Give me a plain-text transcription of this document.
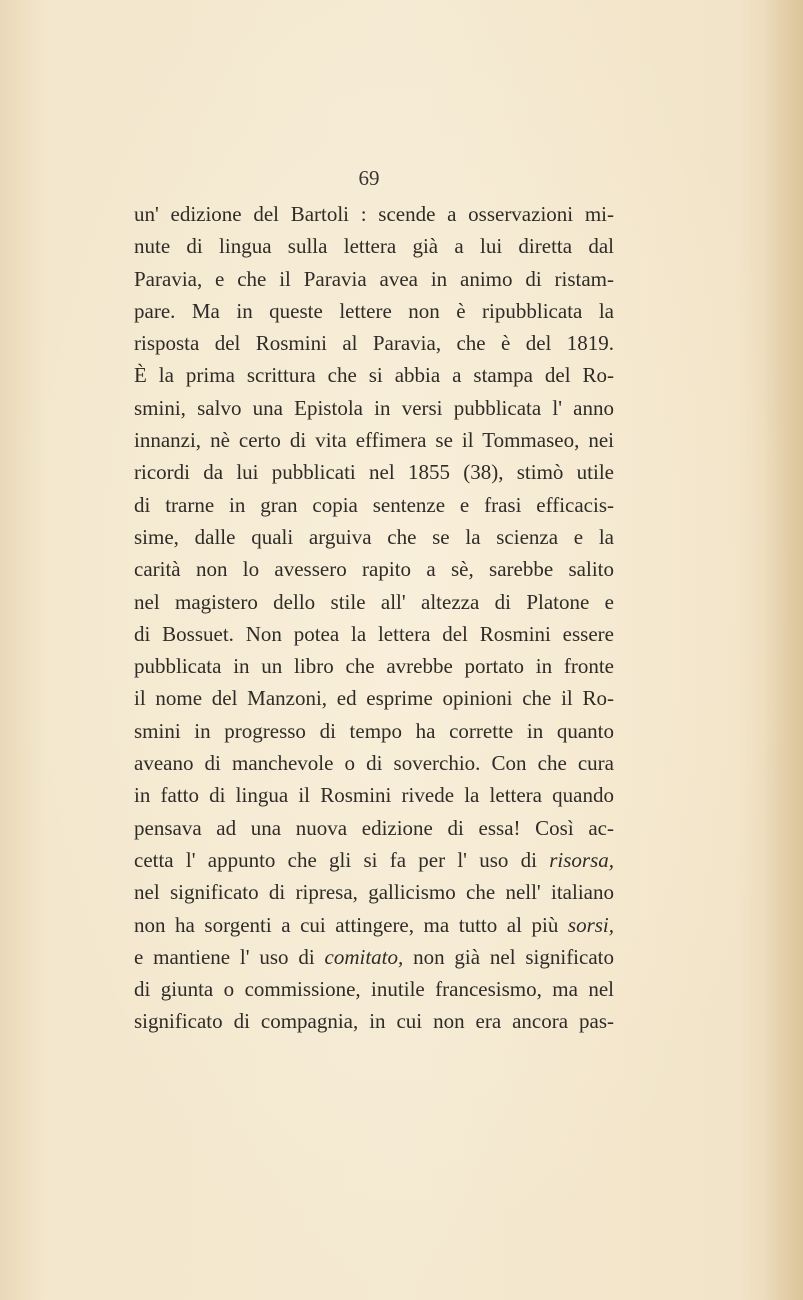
69
un' edizione del Bartoli : scende a osservazioni mi-
nute di lingua sulla lettera già a lui diretta dal
Paravia, e che il Paravia avea in animo di ristam-
pare. Ma in queste lettere non è ripubblicata la
risposta del Rosmini al Paravia, che è del 1819.
È la prima scrittura che si abbia a stampa del Ro-
smini, salvo una Epistola in versi pubblicata l' anno
innanzi, nè certo di vita effimera se il Tommaseo, nei
ricordi da lui pubblicati nel 1855 (38), stimò utile
di trarne in gran copia sentenze e frasi efficacis-
sime, dalle quali arguiva che se la scienza e la
carità non lo avessero rapito a sè, sarebbe salito
nel magistero dello stile all' altezza di Platone e
di Bossuet. Non potea la lettera del Rosmini essere
pubblicata in un libro che avrebbe portato in fronte
il nome del Manzoni, ed esprime opinioni che il Ro-
smini in progresso di tempo ha corrette in quanto
aveano di manchevole o di soverchio. Con che cura
in fatto di lingua il Rosmini rivede la lettera quando
pensava ad una nuova edizione di essa! Così ac-
cetta l' appunto che gli si fa per l' uso di risorsa,
nel significato di ripresa, gallicismo che nell' italiano
non ha sorgenti a cui attingere, ma tutto al più sorsi,
e mantiene l' uso di comitato, non già nel significato
di giunta o commissione, inutile francesismo, ma nel
significato di compagnia, in cui non era ancora pas-
